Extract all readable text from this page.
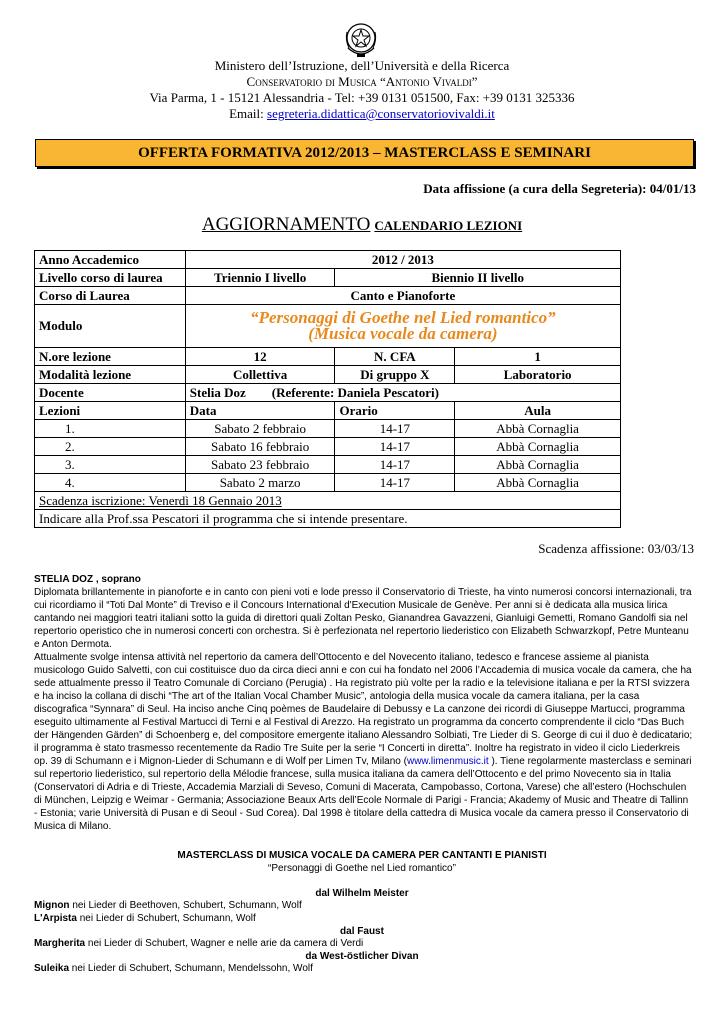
Ministero dell’Istruzione, dell’Università e della Ricerca
Conservatorio di Musica “Antonio Vivaldi”
Via Parma, 1 - 15121 Alessandria - Tel: +39 0131 051500, Fax: +39 0131 325336
Email: segreteria.didattica@conservatoriovivaldi.it
OFFERTA FORMATIVA 2012/2013 – MASTERCLASS E SEMINARI
Data affissione (a cura della Segreteria): 04/01/13
AGGIORNAMENTO CALENDARIO LEZIONI
Anno Accademico	2012 / 2013		
Livello corso di laurea	Triennio I livello	Biennio II livello	
Corso di Laurea	Canto e Pianoforte		
Modulo	“Personaggi di Goethe nel Lied romantico”
(Musica vocale da camera)		

N.ore lezione	12	N. CFA	1
Modalità lezione	Collettiva	Di gruppo X	Laboratorio
Docente	Stelia Doz (Referente: Daniela Pescatori)		
Lezioni	Data	Orario	Aula
1.	Sabato 2 febbraio	14-17	Abbà Cornaglia
2.	Sabato 16 febbraio	14-17	Abbà Cornaglia
3.	Sabato 23 febbraio	14-17	Abbà Cornaglia
4.	Sabato 2 marzo	14-17	Abbà Cornaglia
Scadenza iscrizione: Venerdì 18 Gennaio 2013			
Indicare alla Prof.ssa Pescatori il programma che si intende presentare.			
Scadenza affissione: 03/03/13

STELIA DOZ , soprano

Diplomata brillantemente in pianoforte e in canto con pieni voti e lode presso il Conservatorio di Trieste, ha vinto numerosi concorsi internazionali, tra cui ricordiamo il “Toti Dal Monte” di Treviso e il Concours International d'Execution Musicale de Genève. Per anni si è dedicata alla musica lirica cantando nei maggiori teatri italiani sotto la guida di direttori quali Zoltan Pesko, Gianandrea Gavazzeni, Gianluigi Gemetti, Romano Gandolfi sia nel repertorio operistico che in numerosi concerti con orchestra. Si è perfezionata nel repertorio liederistico con Elizabeth Schwarzkopf, Petre Munteanu e Anton Dermota.

Attualmente svolge intensa attività nel repertorio da camera dell’Ottocento e del Novecento italiano, tedesco e francese assieme al pianista musicologo Guido Salvetti, con cui costituisce duo da circa dieci anni e con cui ha fondato nel 2006 l’Accademia di musica vocale da camera, che ha sede attualmente presso il Teatro Comunale di Corciano (Perugia) . Ha registrato più volte per la radio e la televisione italiana e per la RTSI svizzera e ha inciso la collana di dischi “The art of the Italian Vocal Chamber Music”, antologia della musica vocale da camera italiana, per la casa discografica “Synnara” di Seul. Ha inciso anche Cinq poèmes de Baudelaire di Debussy e La canzone dei ricordi di Giuseppe Martucci, programma eseguito ultimamente al Festival Martucci di Terni e al Festival di Arezzo. Ha registrato un programma da concerto comprendente il ciclo “Das Buch der Hängenden Gärden” di Schoenberg e, del compositore emergente italiano Alessandro Solbiati, Tre Lieder di S. George di cui il duo è dedicatario; il programma è stato trasmesso recentemente da Radio Tre Suite per la serie “I Concerti in diretta”. Inoltre ha registrato in video il ciclo Liederkreis op. 39 di Schumann e i Mignon-Lieder di Schumann e di Wolf per Limen Tv, Milano (www.limenmusic.it ). Tiene regolarmente masterclass e seminari sul repertorio liederistico, sul repertorio della Mélodie francese, sulla musica italiana da camera dell’Ottocento e del primo Novecento sia in Italia (Conservatori di Adria e di Trieste, Accademia Marziali di Seveso, Comuni di Macerata, Campobasso, Cortona, Varese) che all’estero (Hochschulen di München, Leipzig e Weimar - Germania; Associazione Beaux Arts dell’Ecole Normale di Parigi - Francia; Akademy of Music and Theatre di Tallinn - Estonia; varie Università di Pusan e di Seoul - Sud Corea). Dal 1998 è titolare della cattedra di Musica vocale da camera presso il Conservatorio di Musica di Milano.

MASTERCLASS DI MUSICA VOCALE DA CAMERA PER CANTANTI E PIANISTI
“Personaggi di Goethe nel Lied romantico”
dal Wilhelm Meister
Mignon nei Lieder di Beethoven, Schubert, Schumann, Wolf
L'Arpista nei Lieder di Schubert, Schumann, Wolf
dal Faust
Margherita nei Lieder di Schubert, Wagner e nelle arie da camera di Verdi
da West-östlicher Divan
Suleika nei Lieder di Schubert, Schumann, Mendelssohn, Wolf
